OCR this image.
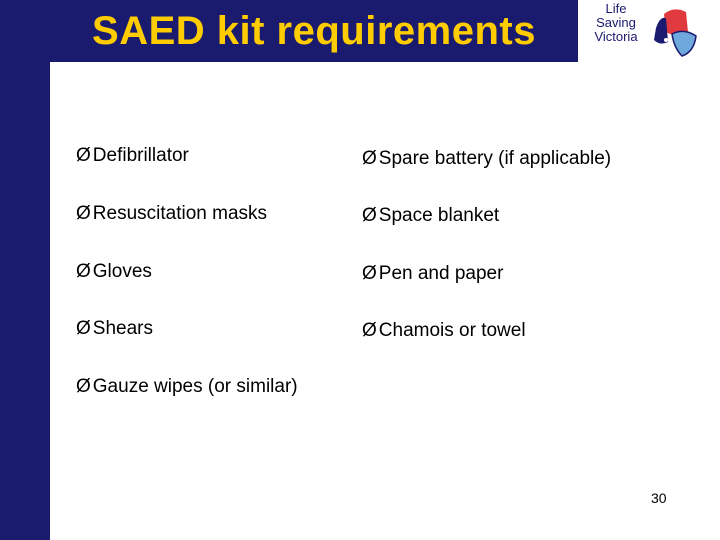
Defibrillator Training SAED kit requirements	Life
Saving
Victoria
Ø Defibrillator	Ø Spare battery (if applicable)
Ø Resuscitation masks	Ø Space blanket
Ø Gloves	Ø Pen and paper
Ø Shears	Ø Chamois or towel
Ø Gauze wipes (or similar)
30
